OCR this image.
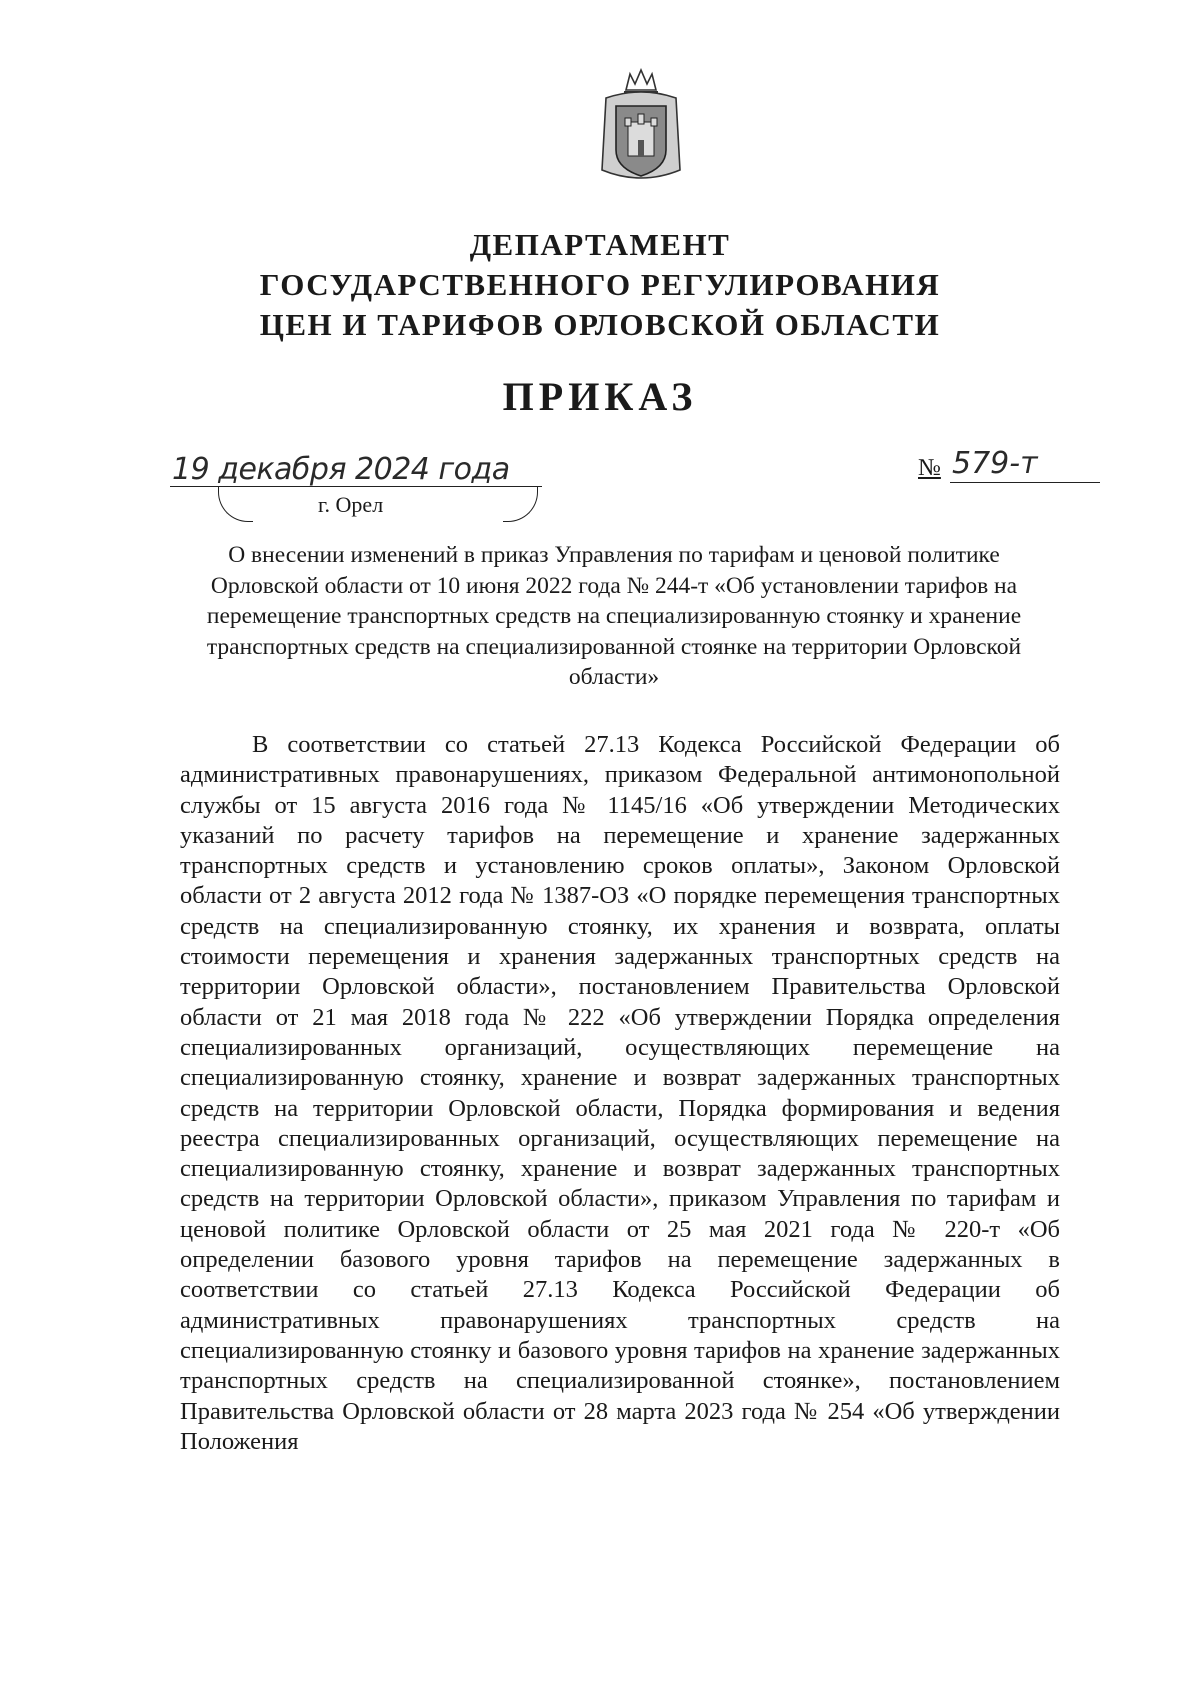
ДЕПАРТАМЕНТ
ГОСУДАРСТВЕННОГО РЕГУЛИРОВАНИЯ
ЦЕН И ТАРИФОВ ОРЛОВСКОЙ ОБЛАСТИ
ПРИКАЗ
19 декабря 2024 года
г. Орел
№ 579-т
О внесении изменений в приказ Управления по тарифам и ценовой политике Орловской области от 10 июня 2022 года № 244-т «Об установлении тарифов на перемещение транспортных средств на специализированную стоянку и хранение транспортных средств на специализированной стоянке на территории Орловской области»
В соответствии со статьей 27.13 Кодекса Российской Федерации об административных правонарушениях, приказом Федеральной антимонопольной службы от 15 августа 2016 года № 1145/16 «Об утверждении Методических указаний по расчету тарифов на перемещение и хранение задержанных транспортных средств и установлению сроков оплаты», Законом Орловской области от 2 августа 2012 года № 1387-ОЗ «О порядке перемещения транспортных средств на специализированную стоянку, их хранения и возврата, оплаты стоимости перемещения и хранения задержанных транспортных средств на территории Орловской области», постановлением Правительства Орловской области от 21 мая 2018 года № 222 «Об утверждении Порядка определения специализированных организаций, осуществляющих перемещение на специализированную стоянку, хранение и возврат задержанных транспортных средств на территории Орловской области, Порядка формирования и ведения реестра специализированных организаций, осуществляющих перемещение на специализированную стоянку, хранение и возврат задержанных транспортных средств на территории Орловской области», приказом Управления по тарифам и ценовой политике Орловской области от 25 мая 2021 года № 220-т «Об определении базового уровня тарифов на перемещение задержанных в соответствии со статьей 27.13 Кодекса Российской Федерации об административных правонарушениях транспортных средств на специализированную стоянку и базового уровня тарифов на хранение задержанных транспортных средств на специализированной стоянке», постановлением Правительства Орловской области от 28 марта 2023 года № 254 «Об утверждении Положения
